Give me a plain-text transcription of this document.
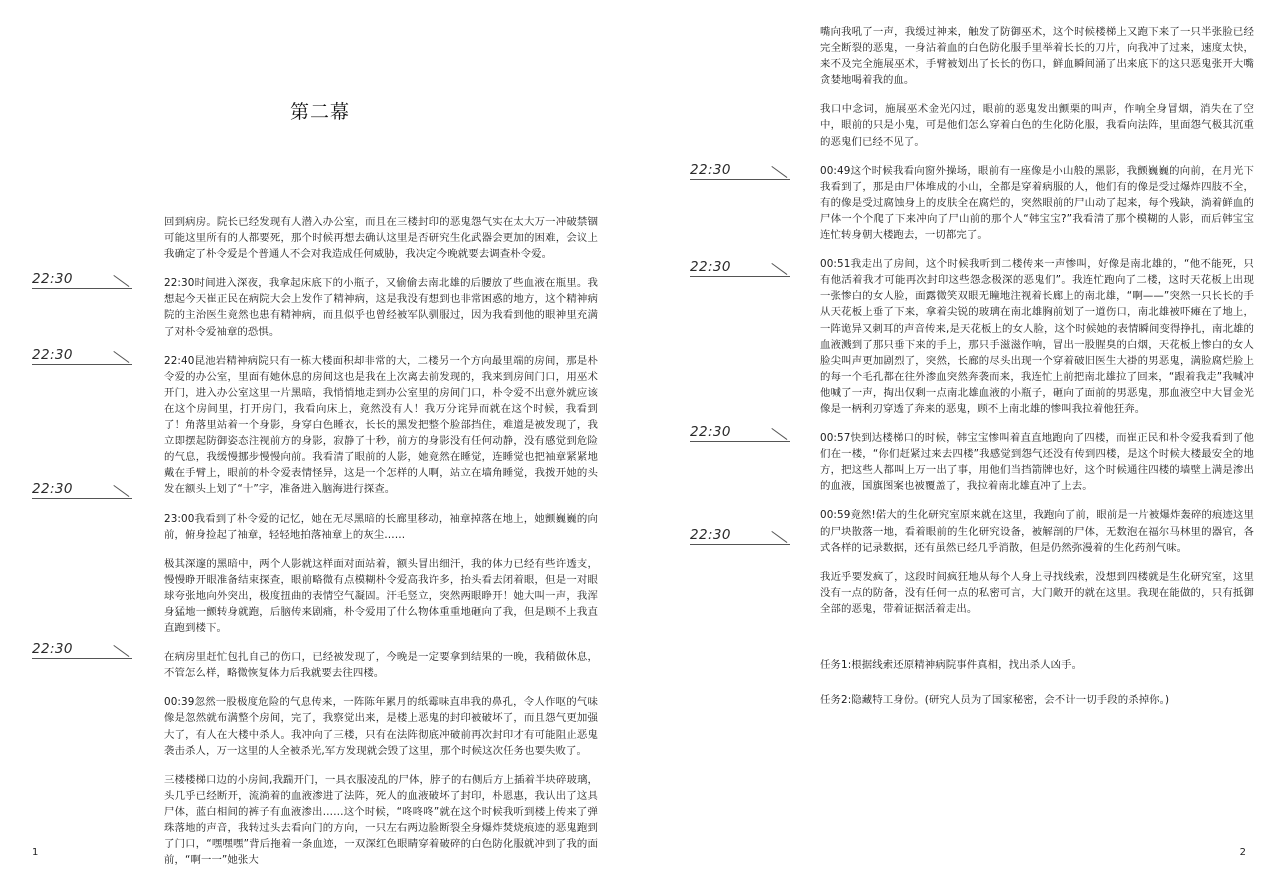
第二幕
22:30
22:30
22:30
22:30

回到病房。院长已经发现有人潜入办公室，而且在三楼封印的恶鬼怨气实在太大万一冲破禁锢可能这里所有的人都要死，那个时候再想去确认这里是否研究生化武器会更加的困难，会议上我确定了朴令爱是个普通人不会对我造成任何威胁，我决定今晚就要去调查朴令爱。

22:30时间进入深夜，我拿起床底下的小瓶子，又偷偷去南北雄的后腰放了些血液在瓶里。我想起今天崔正民在病院大会上发作了精神病，这是我没有想到也非常困惑的地方，这个精神病院的主治医生竟然也患有精神病，而且似乎也曾经被军队驯服过，因为我看到他的眼神里充满了对朴令爱袖章的恐惧。

22:40昆池岩精神病院只有一栋大楼面积却非常的大，二楼另一个方向最里端的房间，那是朴令爱的办公室，里面有她休息的房间这也是我在上次离去前发现的，我来到房间门口，用巫术开门，进入办公室这里一片黑暗，我悄悄地走到办公室里的房间门口，朴令爱不出意外就应该在这个房间里，打开房门，我看向床上，竟然没有人！我万分诧异而就在这个时候，我看到了！角落里站着一个身影，身穿白色睡衣，长长的黑发把整个脸部挡住，难道是被发现了，我立即摆起防御姿态注视前方的身影，寂静了十秒，前方的身影没有任何动静，没有感觉到危险的气息，我缓慢挪步慢慢向前。我看清了眼前的人影，她竟然在睡觉，连睡觉也把袖章紧紧地戴在手臂上，眼前的朴令爱表情怪异，这是一个怎样的人啊，站立在墙角睡觉，我拨开她的头发在额头上划了“十”字，准备进入脑海进行探查。

23:00我看到了朴令爱的记忆，她在无尽黑暗的长廊里移动，袖章掉落在地上，她颤巍巍的向前，俯身捡起了袖章，轻轻地拍落袖章上的灰尘……

极其深邃的黑暗中，两个人影就这样面对面站着，额头冒出细汗，我的体力已经有些许透支，慢慢睁开眼准备结束探查，眼前略微有点模糊朴令爱高我许多，抬头看去闭着眼，但是一对眼球夸张地向外突出，极度扭曲的表情空气凝固。汗毛竖立，突然两眼睁开！她大叫一声，我浑身猛地一颤转身就跑，后脑传来剧痛，朴令爱用了什么物体重重地砸向了我，但是顾不上我直直跑到楼下。

在病房里赶忙包扎自己的伤口，已经被发现了，今晚是一定要拿到结果的一晚，我稍做休息，不管怎么样，略微恢复体力后我就要去往四楼。

00:39忽然一股极度危险的气息传来，一阵陈年累月的纸霉味直串我的鼻孔，令人作呕的气味像是忽然就布满整个房间，完了，我察觉出来，是楼上恶鬼的封印被破坏了，而且怨气更加强大了，有人在大楼中杀人。我冲向了三楼，只有在法阵彻底冲破前再次封印才有可能阻止恶鬼袭击杀人，万一这里的人全被杀光,军方发现就会毁了这里，那个时候这次任务也要失败了。

三楼楼梯口边的小房间,我踹开门，一具衣服凌乱的尸体，脖子的右侧后方上插着半块碎玻璃，头几乎已经断开，流淌着的血液渗进了法阵，死人的血液破坏了封印，朴恩惠，我认出了这具尸体，蓝白相间的裤子有血液渗出……这个时候，“咚咚咚”就在这个时候我听到楼上传来了弹珠落地的声音，我转过头去看向门的方向，一只左右两边脸断裂全身爆炸焚烧痕迹的恶鬼跑到了门口，“嘿嘿嘿”背后拖着一条血迹，一双深红色眼睛穿着破碎的白色防化服就冲到了我的面前，“啊一一”她张大

1
22:30
22:30
22:30
22:30

嘴向我吼了一声，我缓过神来，触发了防御巫术，这个时候楼梯上又跑下来了一只半张脸已经完全断裂的恶鬼，一身沾着血的白色防化服手里举着长长的刀片，向我冲了过来，速度太快，来不及完全施展巫术，手臂被划出了长长的伤口，鲜血瞬间涌了出来底下的这只恶鬼张开大嘴贪婪地喝着我的血。

我口中念词，施展巫术金光闪过，眼前的恶鬼发出颤栗的叫声，作响全身冒烟，消失在了空中，眼前的只是小鬼，可是他们怎么穿着白色的生化防化服，我看向法阵，里面怨气极其沉重的恶鬼们已经不见了。

00:49这个时候我看向窗外操场，眼前有一座像是小山般的黑影，我颤巍巍的向前，在月光下我看到了，那是由尸体堆成的小山，全都是穿着病服的人，他们有的像是受过爆炸四肢不全，有的像是受过腐蚀身上的皮肤全在腐烂的，突然眼前的尸山动了起来，每个残缺，淌着鲜血的尸体一个个爬了下来冲向了尸山前的那个人“韩宝宝?”我看清了那个模糊的人影，而后韩宝宝连忙转身朝大楼跑去，一切都完了。

00:51我走出了房间，这个时候我听到二楼传来一声惨叫，好像是南北雄的，“他不能死，只有他活着我才可能再次封印这些怨念极深的恶鬼们”。我连忙跑向了二楼，这时天花板上出现一张惨白的女人脸，面露微笑双眼无瞳地注视着长廊上的南北雄，“啊——”突然一只长长的手从天花板上垂了下来，拿着尖锐的玻璃在南北雄胸前划了一道伤口，南北雄被吓瘫在了地上，一阵诡异又刺耳的声音传来,是天花板上的女人脸，这个时候她的表情瞬间变得挣扎，南北雄的血液溅到了那只垂下来的手上，那只手滋滋作响，冒出一股腥臭的白烟，天花板上惨白的女人脸尖叫声更加剧烈了，突然，长廊的尽头出现一个穿着破旧医生大褂的男恶鬼，满脸腐烂脸上的每一个毛孔都在往外渗血突然奔袭而来，我连忙上前把南北雄拉了回来，“跟着我走”我喊冲他喊了一声，掏出仅剩一点南北雄血液的小瓶子，砸向了面前的男恶鬼，那血液空中大冒金光像是一柄利刃穿透了奔来的恶鬼，顾不上南北雄的惨叫我拉着他狂奔。

00:57快到达楼梯口的时候，韩宝宝惨叫着直直地跑向了四楼，而崔正民和朴令爱我看到了他们在一楼，“你们赶紧过来去四楼”我感觉到怨气还没有传到四楼，是这个时候大楼最安全的地方，把这些人都叫上万一出了事，用他们当挡箭牌也好，这个时候通往四楼的墙壁上满是渗出的血液，国旗图案也被覆盖了，我拉着南北雄直冲了上去。

00:59竟然!偌大的生化研究室原来就在这里，我跑向了前，眼前是一片被爆炸轰碎的痕迹这里的尸块散落一地，看着眼前的生化研究设备，被解剖的尸体，无数泡在福尔马林里的器官，各式各样的记录数据，还有虽然已经几乎消散，但是仍然弥漫着的生化药剂气味。

我近乎要发疯了，这段时间疯狂地从每个人身上寻找线索，没想到四楼就是生化研究室，这里没有一点的防备，没有任何一点的私密可言，大门敞开的就在这里。我现在能做的，只有抵御全部的恶鬼，带着证据活着走出。

任务1:根据线索还原精神病院事件真相，找出杀人凶手。

任务2:隐藏特工身份。(研究人员为了国家秘密，会不计一切手段的杀掉你。)

2
